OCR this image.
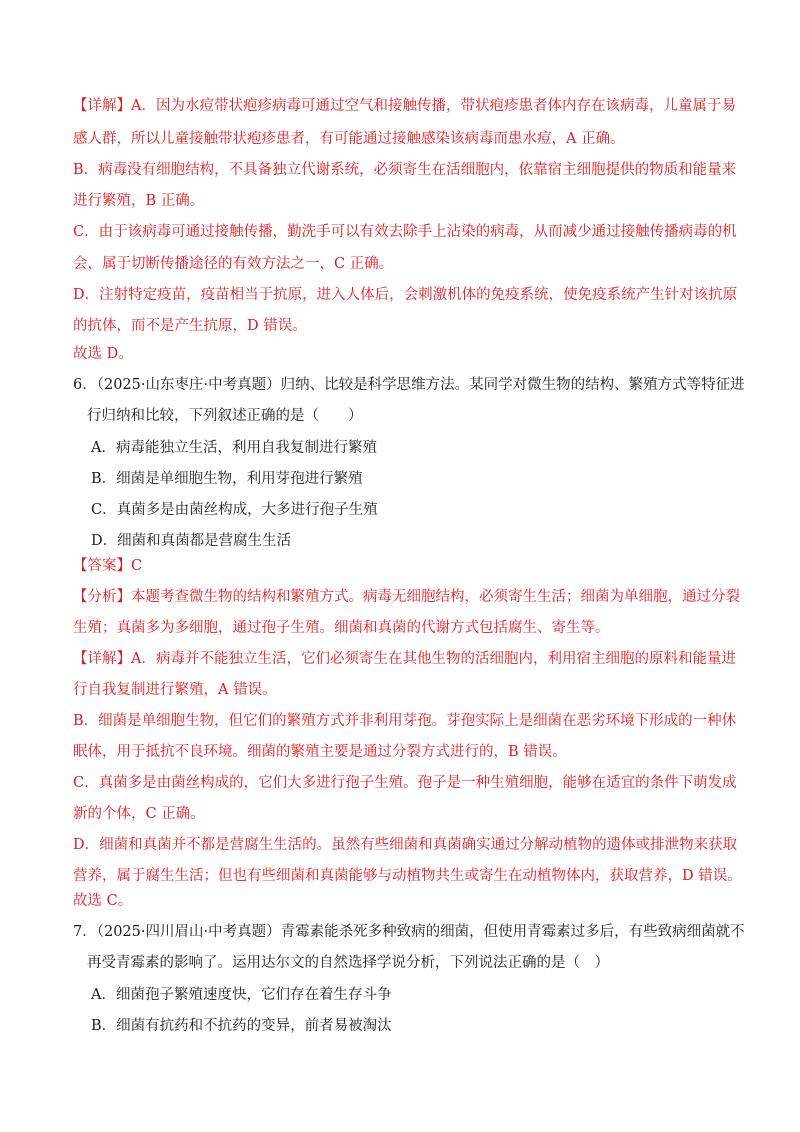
【详解】A．因为水痘带状疱疹病毒可通过空气和接触传播，带状疱疹患者体内存在该病毒，儿童属于易
感人群，所以儿童接触带状疱疹患者，有可能通过接触感染该病毒而患水痘，A 正确。
B．病毒没有细胞结构，不具备独立代谢系统，必须寄生在活细胞内，依靠宿主细胞提供的物质和能量来
进行繁殖，B 正确。
C．由于该病毒可通过接触传播，勤洗手可以有效去除手上沾染的病毒，从而减少通过接触传播病毒的机
会，属于切断传播途径的有效方法之一，C 正确。
D．注射特定疫苗，疫苗相当于抗原，进入人体后，会刺激机体的免疫系统，使免疫系统产生针对该抗原
的抗体，而不是产生抗原，D 错误。
故选 D。
6．（2025·山东枣庄·中考真题）归纳、比较是科学思维方法。某同学对微生物的结构、繁殖方式等特征进
行归纳和比较，下列叙述正确的是（　　）
A．病毒能独立生活，利用自我复制进行繁殖
B．细菌是单细胞生物，利用芽孢进行繁殖
C．真菌多是由菌丝构成，大多进行孢子生殖
D．细菌和真菌都是营腐生生活
【答案】C
【分析】本题考查微生物的结构和繁殖方式。病毒无细胞结构，必须寄生生活；细菌为单细胞，通过分裂
生殖；真菌多为多细胞，通过孢子生殖。细菌和真菌的代谢方式包括腐生、寄生等。
【详解】A．病毒并不能独立生活，它们必须寄生在其他生物的活细胞内，利用宿主细胞的原料和能量进
行自我复制进行繁殖，A 错误。
B．细菌是单细胞生物，但它们的繁殖方式并非利用芽孢。芽孢实际上是细菌在恶劣环境下形成的一种休
眠体，用于抵抗不良环境。细菌的繁殖主要是通过分裂方式进行的，B 错误。
C．真菌多是由菌丝构成的，它们大多进行孢子生殖。孢子是一种生殖细胞，能够在适宜的条件下萌发成
新的个体，C 正确。
D．细菌和真菌并不都是营腐生生活的。虽然有些细菌和真菌确实通过分解动植物的遗体或排泄物来获取
营养，属于腐生生活；但也有些细菌和真菌能够与动植物共生或寄生在动植物体内，获取营养，D 错误。
故选 C。
7．（2025·四川眉山·中考真题）青霉素能杀死多种致病的细菌，但使用青霉素过多后，有些致病细菌就不
再受青霉素的影响了。运用达尔文的自然选择学说分析，下列说法正确的是（　）
A．细菌孢子繁殖速度快，它们存在着生存斗争
B．细菌有抗药和不抗药的变异，前者易被淘汰
